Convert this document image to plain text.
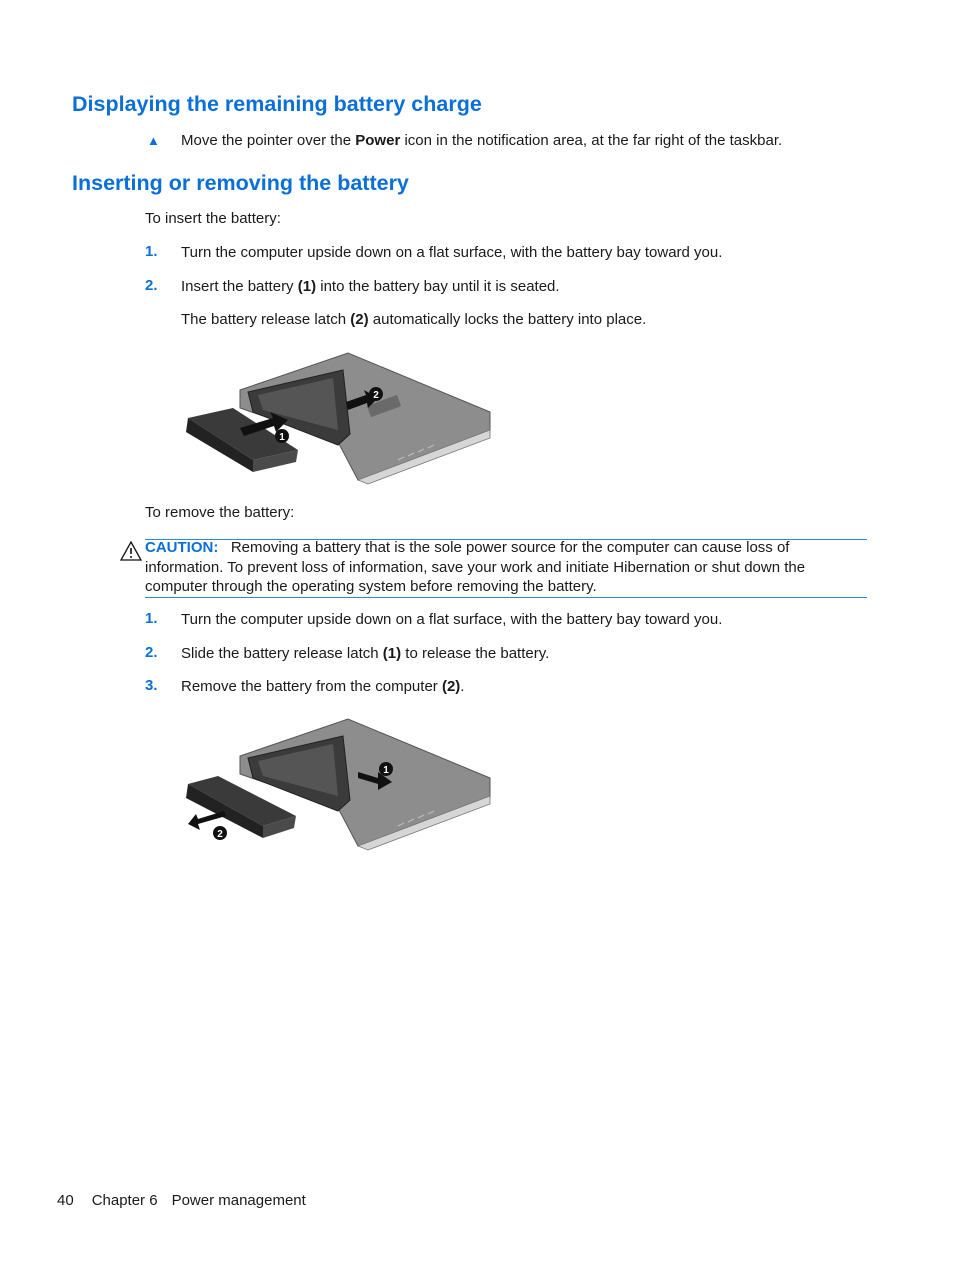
Displaying the remaining battery charge
▲ Move the pointer over the Power icon in the notification area, at the far right of the taskbar.
Inserting or removing the battery
To insert the battery:
1. Turn the computer upside down on a flat surface, with the battery bay toward you.
2. Insert the battery (1) into the battery bay until it is seated.
The battery release latch (2) automatically locks the battery into place.
1
2
To remove the battery:
CAUTION: Removing a battery that is the sole power source for the computer can cause loss of
information. To prevent loss of information, save your work and initiate Hibernation or shut down the
computer through the operating system before removing the battery.
1. Turn the computer upside down on a flat surface, with the battery bay toward you.
2. Slide the battery release latch (1) to release the battery.
3. Remove the battery from the computer (2).
1
2
40 Chapter 6 Power management
